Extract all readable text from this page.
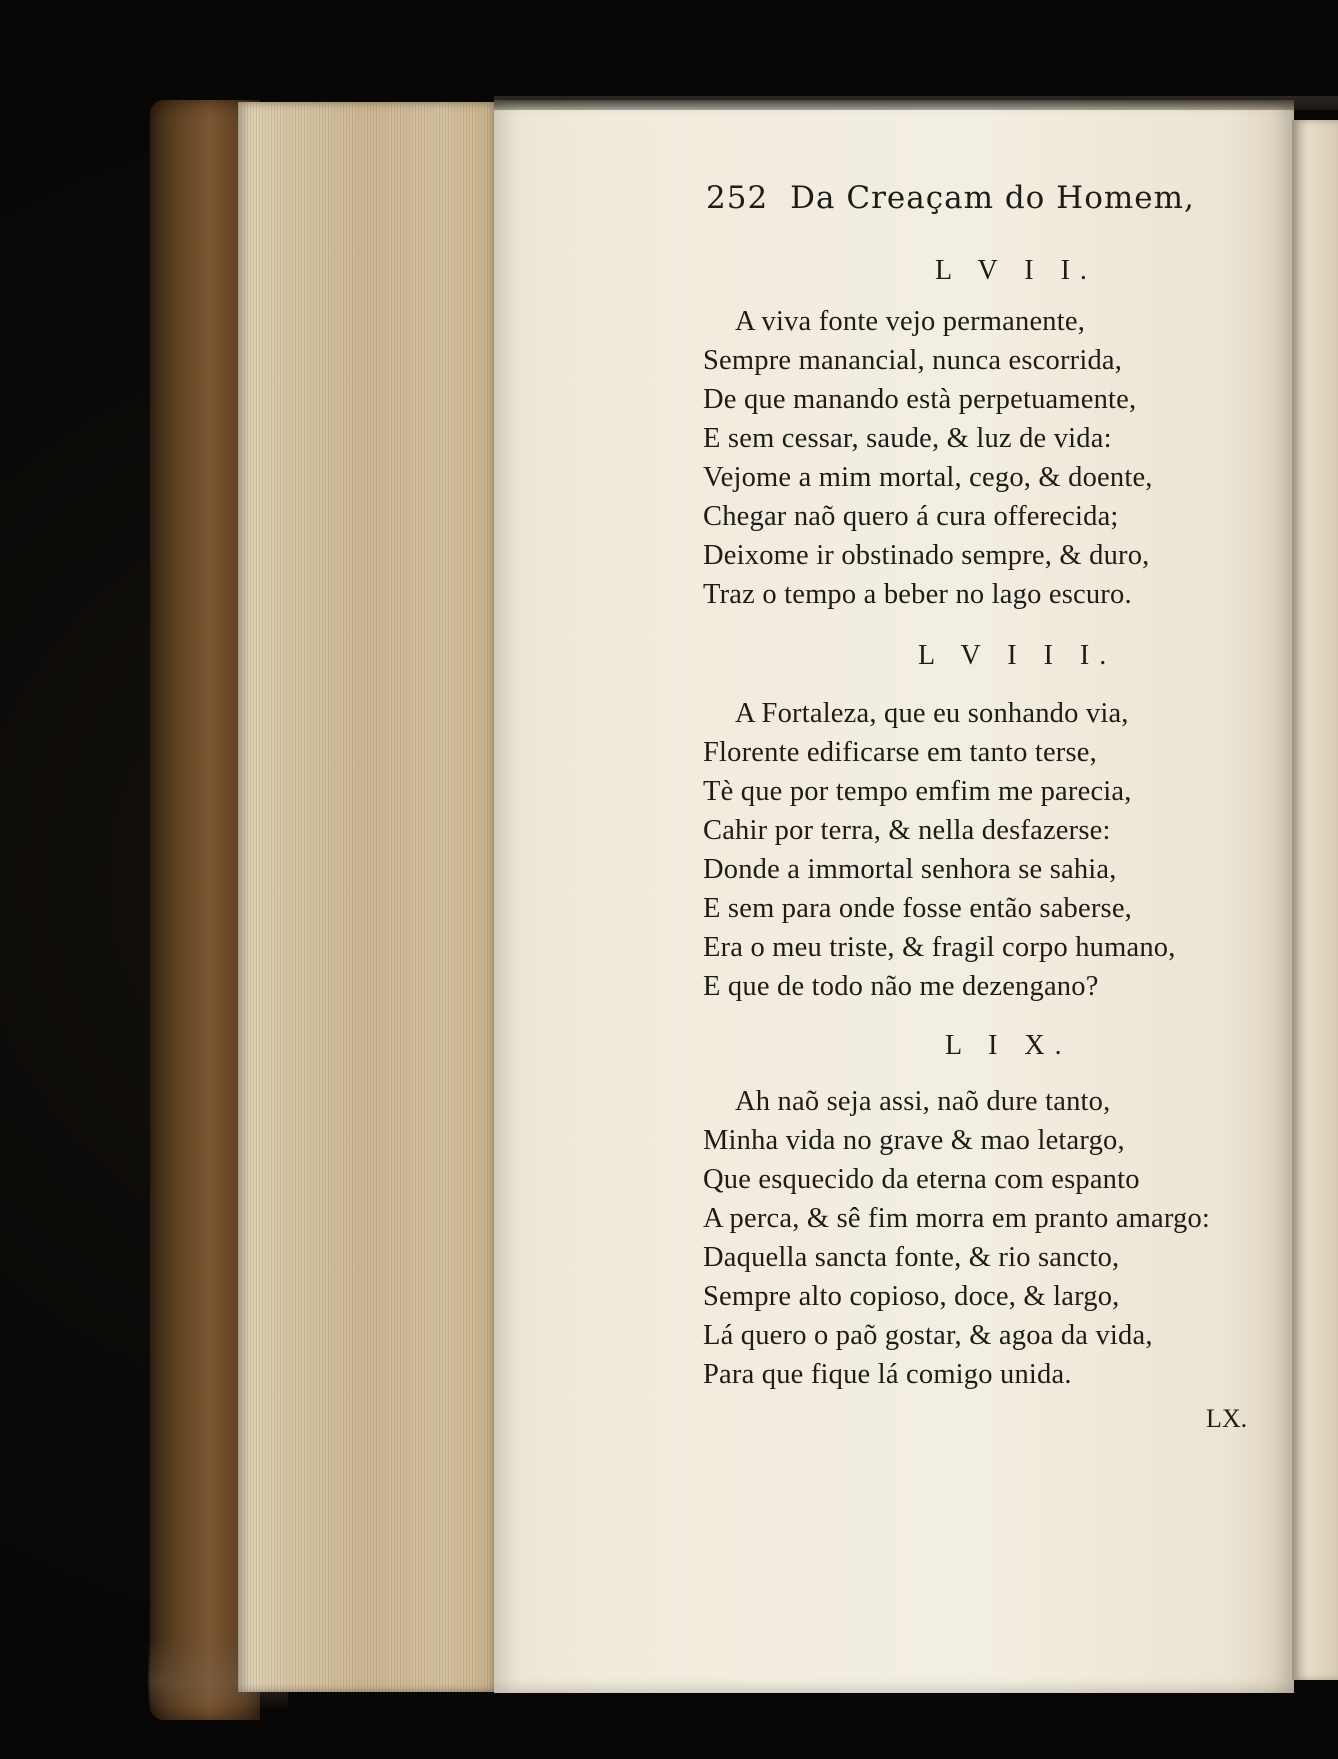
252 Da Creaçam do Homem,
L V I I.
A viva fonte vejo permanente,
Sempre manancial, nunca escorrida,
De que manando està perpetuamente,
E sem cessar, saude, & luz de vida:
Vejome a mim mortal, cego, & doente,
Chegar naõ quero á cura offerecida;
Deixome ir obstinado sempre, & duro,
Traz o tempo a beber no lago escuro.
L V I I I.
A Fortaleza, que eu sonhando via,
Florente edificarse em tanto terse,
Tè que por tempo emfim me parecia,
Cahir por terra, & nella desfazerse:
Donde a immortal senhora se sahia,
E sem para onde fosse então saberse,
Era o meu triste, & fragil corpo humano,
E que de todo não me dezengano?
L I X.
Ah naõ seja assi, naõ dure tanto,
Minha vida no grave & mao letargo,
Que esquecido da eterna com espanto
A perca, & sê fim morra em pranto amargo:
Daquella sancta fonte, & rio sancto,
Sempre alto copioso, doce, & largo,
Lá quero o paõ gostar, & agoa da vida,
Para que fique lá comigo unida.
LX.
